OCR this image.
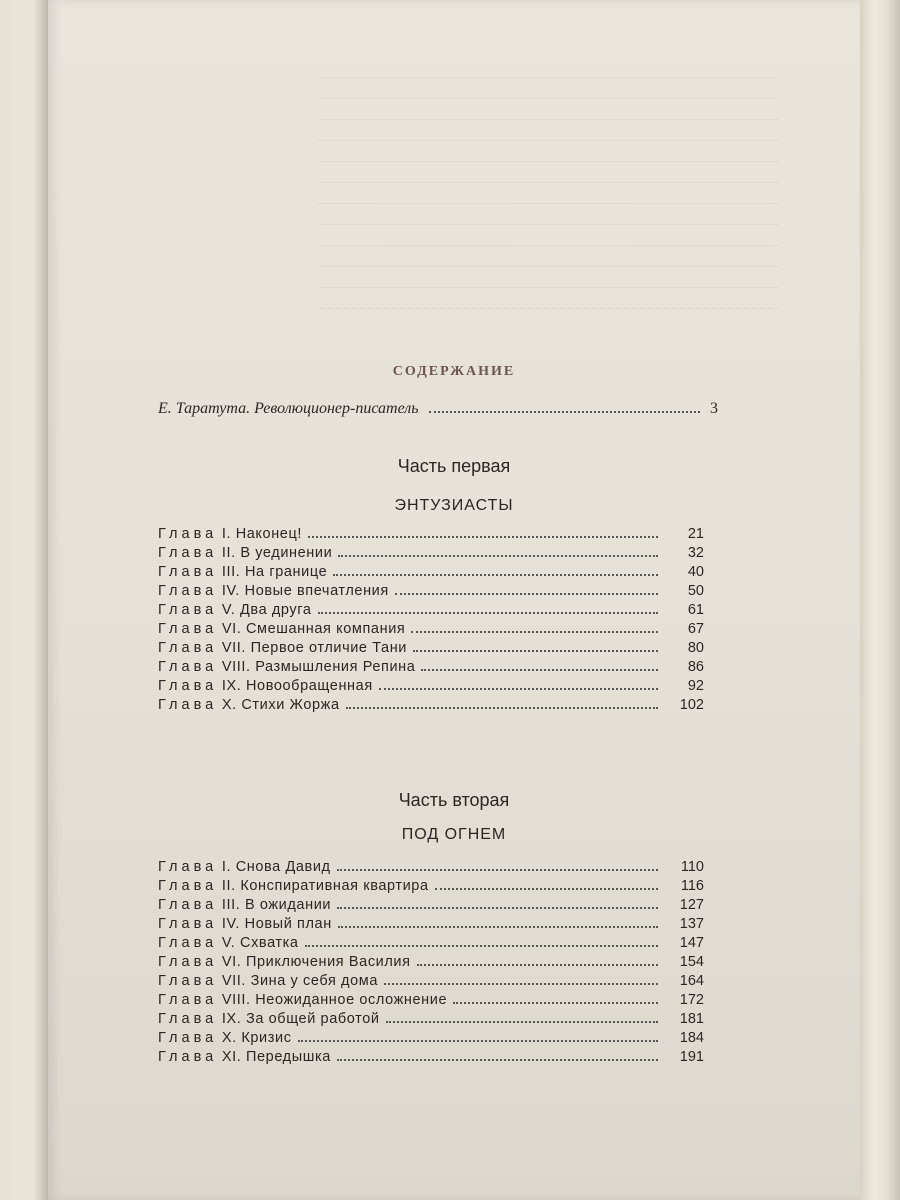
СОДЕРЖАНИЕ
Е. Таратута. Революционер-писатель	3
Часть первая
ЭНТУЗИАСТЫ
Глава I. Наконец!	21
Глава II. В уединении	32
Глава III. На границе	40
Глава IV. Новые впечатления	50
Глава V. Два друга	61
Глава VI. Смешанная компания	67
Глава VII. Первое отличие Тани	80
Глава VIII. Размышления Репина	86
Глава IX. Новообращенная	92
Глава X. Стихи Жоржа	102
Часть вторая
ПОД ОГНЕМ
Глава I. Снова Давид	110
Глава II. Конспиративная квартира	116
Глава III. В ожидании	127
Глава IV. Новый план	137
Глава V. Схватка	147
Глава VI. Приключения Василия	154
Глава VII. Зина у себя дома	164
Глава VIII. Неожиданное осложнение	172
Глава IX. За общей работой	181
Глава X. Кризис	184
Глава XI. Передышка	191
